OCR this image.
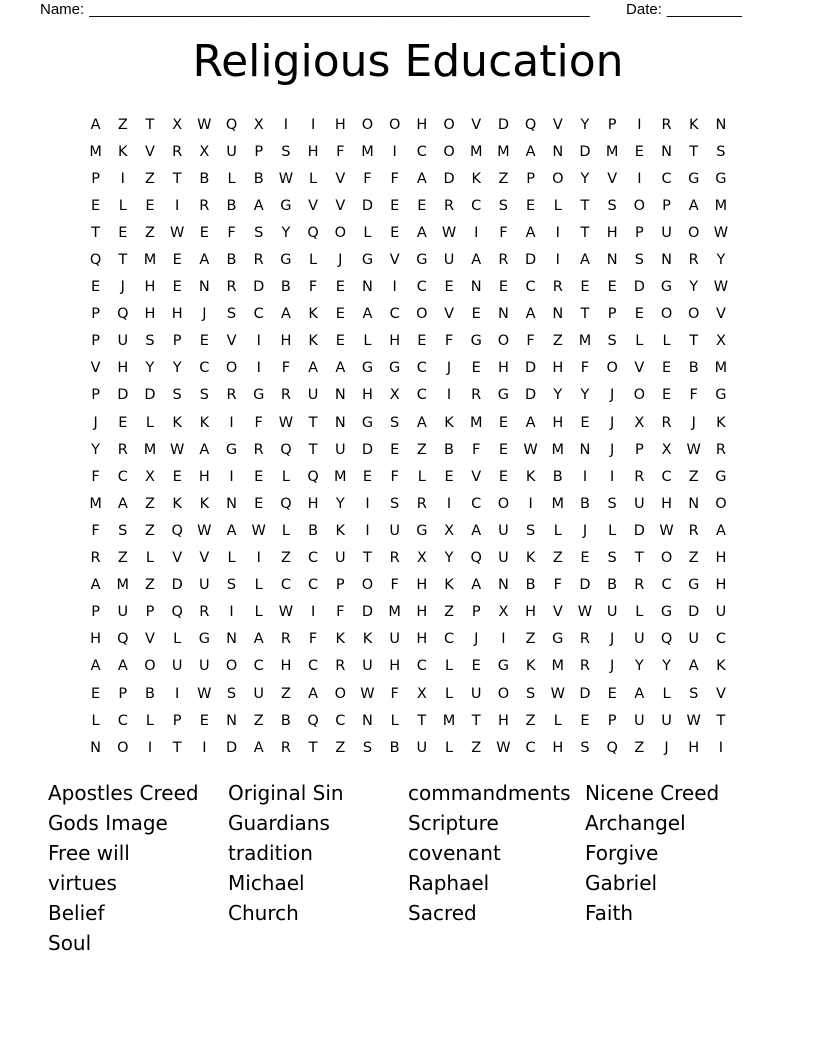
Name: ____________________________________________________________ Date: _________
Religious Education
A	Z	T	X	W Q	X	I	I	H	O	O	H	O	V	D	Q	V	Y	P	I	R	K	N
M	K	V	R	X	U	P	S	H	F	M	I	C	O	M	M	A	N	D	M	E	N	T	S
P	I	Z	T	B	L	B	W	L	V	F	F	A	D	K	Z	P	O	Y	V	I	C	G	G
E	L	E	I	R	B	A	G	V	V	D	E	E	R	C	S	E	L	T	S	O	P	A	M
T	E	Z	W	E	F	S	Y	Q	O	L	E	A	W	I	F	A	I	T	H	P	U	O W
Q	T	M	E	A	B	R	G	L	J	G	V	G	U	A	R	D	I	A	N	S	N	R	Y
E	J	H	E	N	R	D	B	F	E	N	I	C	E	N	E	C	R	E	E	D	G	Y	W
P	Q	H	H	J	S	C	A	K	E	A	C	O	V	E	N	A	N	T	P	E	O	O	V
P	U	S	P	E	V	I	H	K	E	L	H	E	F	G	O	F	Z	M	S	L	L	T	X
V	H	Y	Y	C	O	I	F	A	A	G	G	C	J	E	H	D	H	F	O	V	E	B	M
P	D	D	S	S	R	G	R	U	N	H	X	C	I	R	G	D	Y	Y	J	O	E	F	G
J	E	L	K	K	I	F	W	T	N	G	S	A	K	M	E	A	H	E	J	X	R	J	K
Y	R	M W	A	G	R	Q	T	U	D	E	Z	B	F	E	W M	N	J	P	X	W	R
F	C	X	E	H	I	E	L	Q	M	E	F	L	E	V	E	K	B	I	I	R	C	Z	G
M	A	Z	K	K	N	E	Q	H	Y	I	S	R	I	C	O	I	M	B	S	U	H	N	O
F	S	Z	Q W	A	W	L	B	K	I	U	G	X	A	U	S	L	J	L	D W	R	A
R	Z	L	V	V	L	I	Z	C	U	T	R	X	Y	Q	U	K	Z	E	S	T	O	Z	H
A	M	Z	D	U	S	L	C	C	P	O	F	H	K	A	N	B	F	D	B	R	C	G	H
P	U	P	Q	R	I	L	W	I	F	D	M	H	Z	P	X	H	V	W	U	L	G	D	U
H	Q	V	L	G	N	A	R	F	K	K	U	H	C	J	I	Z	G	R	J	U	Q	U	C
A	A	O	U	U	O	C	H	C	R	U	H	C	L	E	G	K	M	R	J	Y	Y	A	K
E	P	B	I	W	S	U	Z	A	O W	F	X	L	U	O	S	W D	E	A	L	S	V
L	C	L	P	E	N	Z	B	Q	C	N	L	T	M	T	H	Z	L	E	P	U	U	W	T
N	O	I	T	I	D	A	R	T	Z	S	B	U	L	Z	W	C	H	S	Q	Z	J	H	I
Apostles Creed
Gods Image
Free will
virtues
Belief
Soul
Original Sin
Guardians
tradition
Michael
Church
commandments
Scripture
covenant
Raphael
Sacred
Nicene Creed
Archangel
Forgive
Gabriel
Faith
